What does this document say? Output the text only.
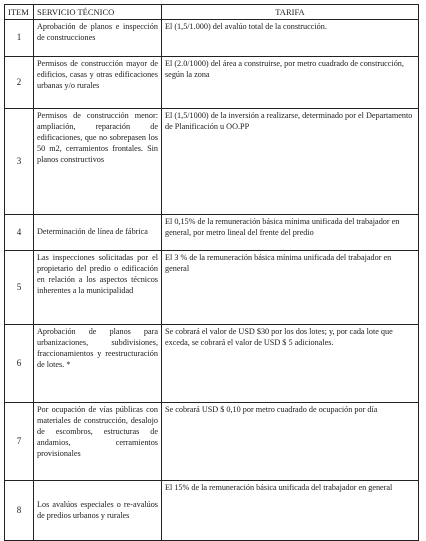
ITEM	SERVICIO TÉCNICO	TARIFA
1	Aprobación de planos e inspección de construcciones	El (1,5/1.000) del avalúo total de la construcción.
2	Permisos de construcción mayor de edificios, casas y otras edificaciones urbanas y/o rurales	El (2.0/1000) del área a construirse, por metro cuadrado de construcción, según la zona
3	Permisos de construcción menor: ampliación, reparación de edificaciones, que no sobrepasen los 50 m2, cerramientos frontales. Sin planos constructivos	El (1,5/1000) de la inversión a realizarse, determinado por el Departamento de Planificación u OO.PP
4	Determinación de línea de fábrica	El 0,15% de la remuneración básica mínima unificada del trabajador en general, por metro lineal del frente del predio
5	Las inspecciones solicitadas por el propietario del predio o edificación en relación a los aspectos técnicos inherentes a la municipalidad	El 3 % de la remuneración básica mínima unificada del trabajador en general
6	Aprobación de planos para urbanizaciones, subdivisiones, fraccionamientos y reestructuración de lotes. *	Se cobrará el valor de USD $30 por los dos lotes; y, por cada lote que exceda, se cobrará el valor de USD $ 5 adicionales.
7	Por ocupación de vías públicas con materiales de construcción, desalojo de escombros, estructuras de andamios, cerramientos provisionales	Se cobrará USD $ 0,10 por metro cuadrado de ocupación por día
8	Los avalúos especiales o re-avalúos de predios urbanos y rurales	El 15% de la remuneración básica unificada del trabajador en general
